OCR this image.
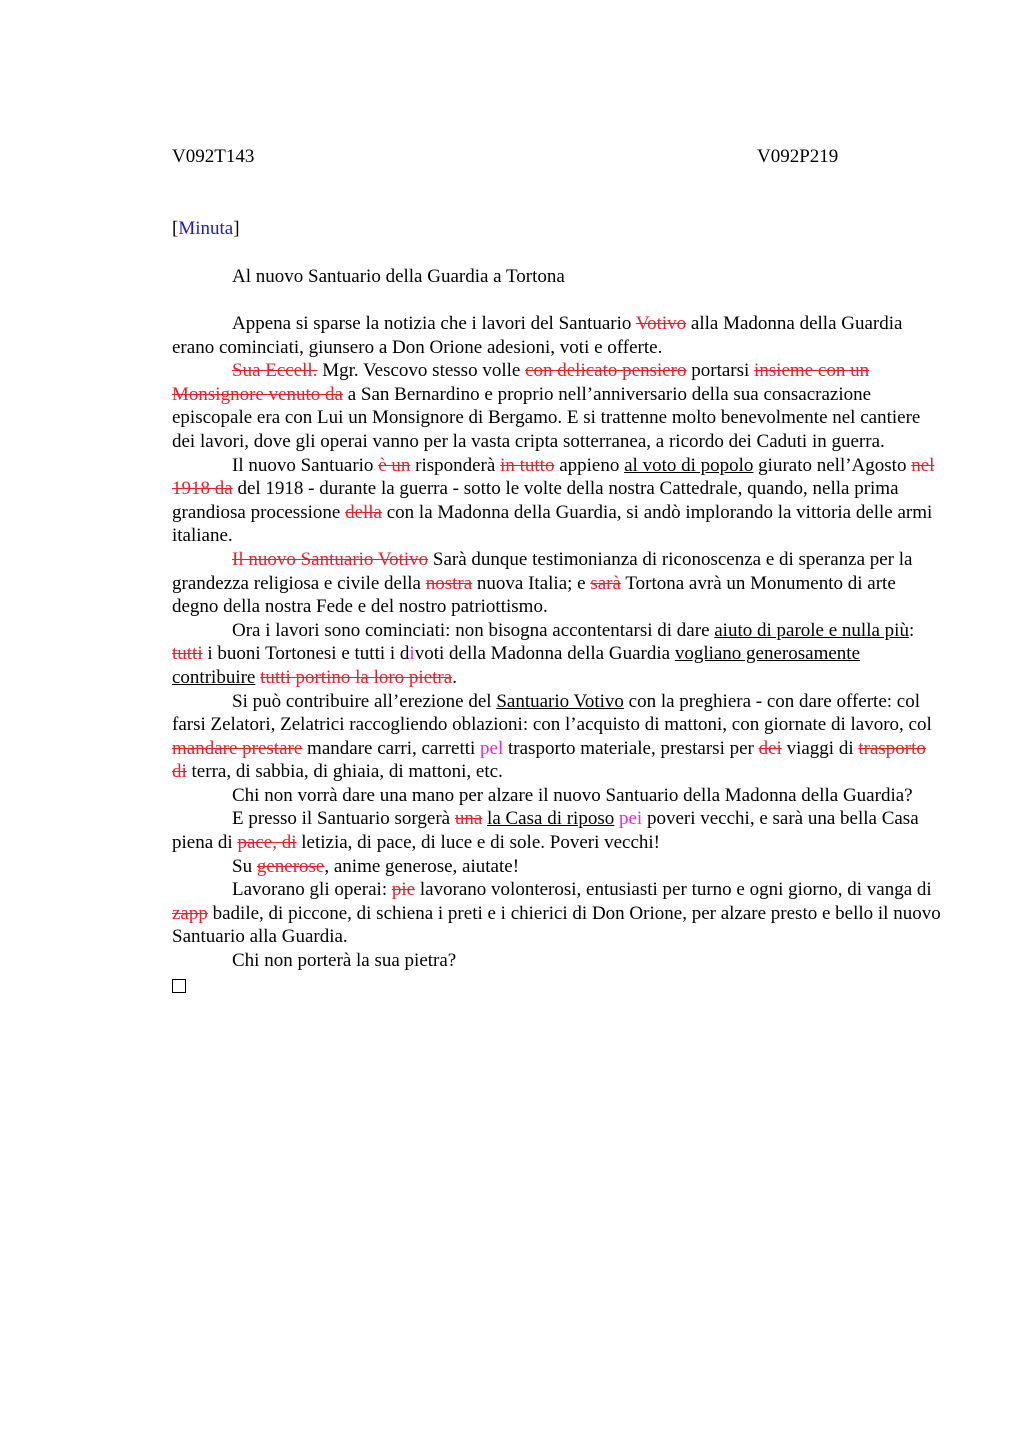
V092T143	V092P219
[Minuta]
Al nuovo Santuario della Guardia a Tortona

Appena si sparse la notizia che i lavori del Santuario Votivo alla Madonna della Guardia erano cominciati, giunsero a Don Orione adesioni, voti e offerte.

Sua Eccell. Mgr. Vescovo stesso volle con delicato pensiero portarsi insieme con un Monsignore venuto da a San Bernardino e proprio nell’anniversario della sua consacrazione episcopale era con Lui un Monsignore di Bergamo. E si trattenne molto benevolmente nel cantiere dei lavori, dove gli operai vanno per la vasta cripta sotterranea, a ricordo dei Caduti in guerra.

Il nuovo Santuario è un risponderà in tutto appieno al voto di popolo giurato nell’Agosto nel 1918 da del 1918 - durante la guerra - sotto le volte della nostra Cattedrale, quando, nella prima grandiosa processione della con la Madonna della Guardia, si andò implorando la vittoria delle armi italiane.

Il nuovo Santuario Votivo Sarà dunque testimonianza di riconoscenza e di speranza per la grandezza religiosa e civile della nostra nuova Italia; e sarà Tortona avrà un Monumento di arte degno della nostra Fede e del nostro patriottismo.

Ora i lavori sono cominciati: non bisogna accontentarsi di dare aiuto di parole e nulla più: tutti i buoni Tortonesi e tutti i divoti della Madonna della Guardia vogliano generosamente contribuire tutti portino la loro pietra.

Si può contribuire all’erezione del Santuario Votivo con la preghiera - con dare offerte: col farsi Zelatori, Zelatrici raccogliendo oblazioni: con l’acquisto di mattoni, con giornate di lavoro, col mandare prestare mandare carri, carretti pel trasporto materiale, prestarsi per dei viaggi di trasporto di terra, di sabbia, di ghiaia, di mattoni, etc.

Chi non vorrà dare una mano per alzare il nuovo Santuario della Madonna della Guardia?

E presso il Santuario sorgerà una la Casa di riposo pei poveri vecchi, e sarà una bella Casa piena di pace, di letizia, di pace, di luce e di sole. Poveri vecchi!

Su generose, anime generose, aiutate!

Lavorano gli operai: pie lavorano volonterosi, entusiasti per turno e ogni giorno, di vanga di zapp badile, di piccone, di schiena i preti e i chierici di Don Orione, per alzare presto e bello il nuovo Santuario alla Guardia.

Chi non porterà la sua pietra?
